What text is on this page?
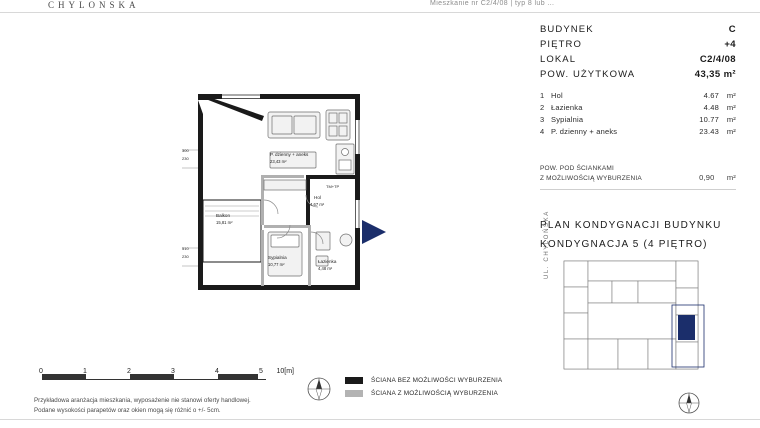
CHYLONSKA	Mieszkanie nr C2/4/08 | typ 8 lub ...
P. dzienny + aneks
23,43 m²
Balkon
15,81 m²
Hol
4,67 m²
Sypialnia
10,77 m²
Łazienka
4,48 m²
TM+TP
300
230
510
230
BUDYNEK	C
PIĘTRO	+4
LOKAL	C2/4/08
POW. UŻYTKOWA	43,35 m²
1 Hol	4.67	m²
2 Łazienka	4.48	m²
3 Sypialnia	10.77	m²
4 P. dzienny + aneks	23.43	m²
POW. POD ŚCIANKAMI
Z MOŻLIWOŚCIĄ WYBURZENIA	0,90 m²
PLAN KONDYGNACJI BUDYNKU
KONDYGNACJA 5 (4 PIĘTRO)
UL. CHYLOŃSKA
0	1	2	3	4	5 10[m]
Przykładowa aranżacja mieszkania, wyposażenie nie stanowi oferty handlowej.
Podane wysokości parapetów oraz okien mogą się różnić o +/- 5cm.
ŚCIANA BEZ MOŻLIWOŚCI WYBURZENIA
ŚCIANA Z MOŻLIWOŚCIĄ WYBURZENIA
